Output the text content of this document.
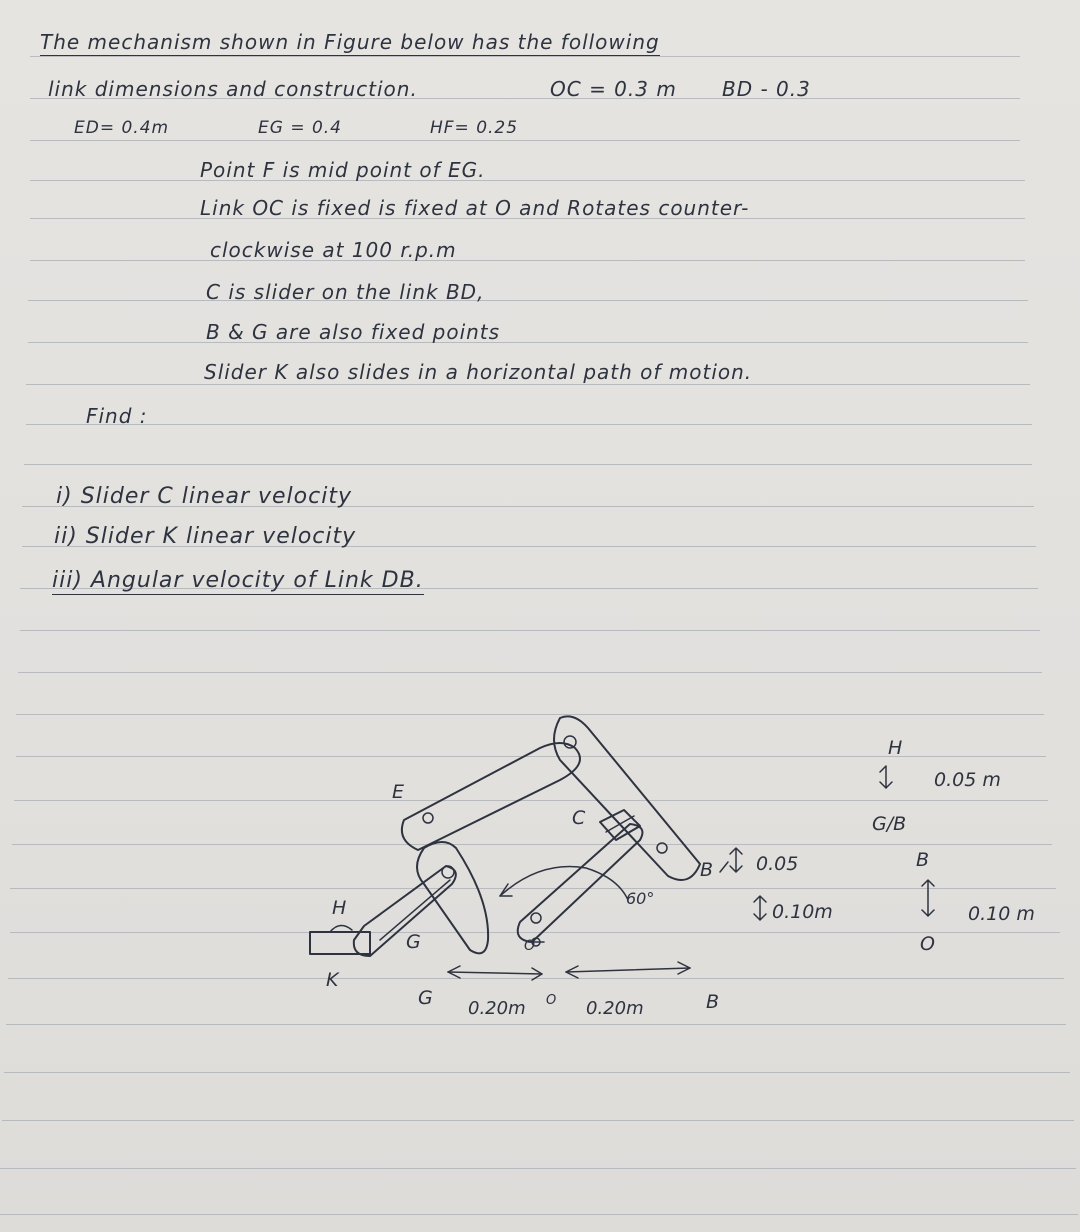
The mechanism shown in Figure below has the following
link dimensions and construction.	OC = 0.3 m BD - 0.3
ED= 0.4m	EG = 0.4	HF= 0.25
Point F is mid point of EG.
Link OC is fixed is fixed at O and Rotates counter-
clockwise at 100 r.p.m
C is slider on the link BD,
B & G are also fixed points
Slider K also slides in a horizontal path of motion.
Find :
i) Slider C linear velocity
ii) Slider K linear velocity
iii) Angular velocity of Link DB.
E
C
H
G
K
60°
O
G 0.20m O 0.20m	B
B 0.05
0.10m
H
0.05 m
G/B
B
0.10 m
O
